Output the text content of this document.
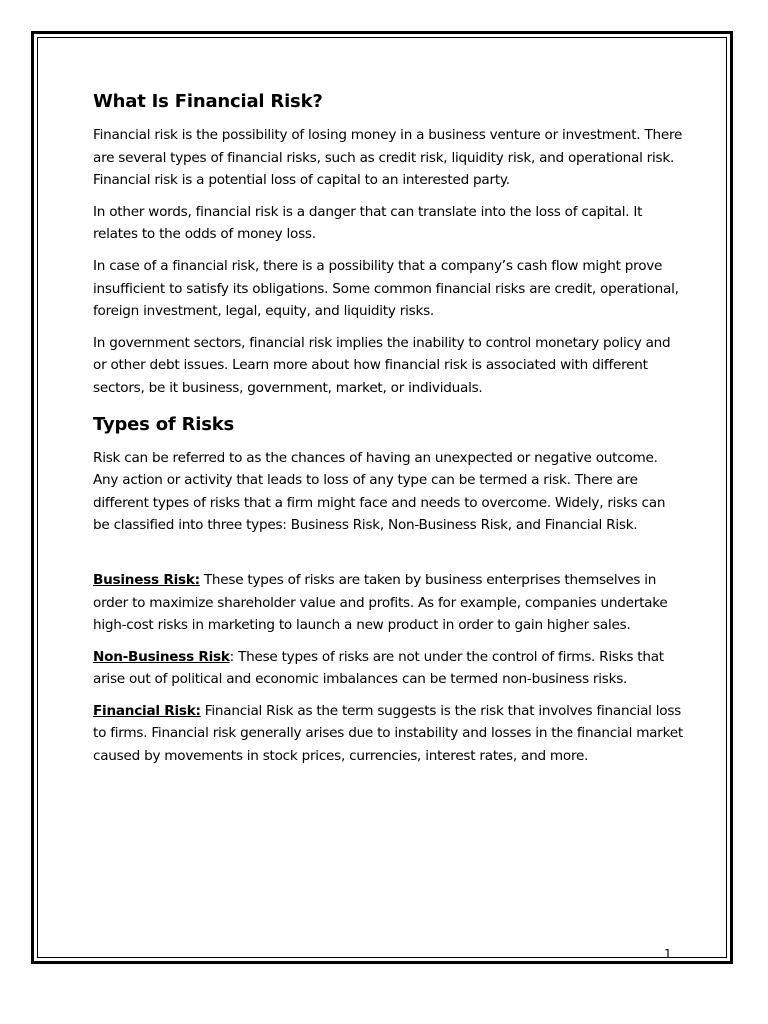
What Is Financial Risk?

Financial risk is the possibility of losing money in a business venture or investment. There are several types of financial risks, such as credit risk, liquidity risk, and operational risk. Financial risk is a potential loss of capital to an interested party.

In other words, financial risk is a danger that can translate into the loss of capital. It relates to the odds of money loss.

In case of a financial risk, there is a possibility that a company’s cash flow might prove insufficient to satisfy its obligations. Some common financial risks are credit, operational, foreign investment, legal, equity, and liquidity risks.

In government sectors, financial risk implies the inability to control monetary policy and or other debt issues. Learn more about how financial risk is associated with different sectors, be it business, government, market, or individuals.

Types of Risks

Risk can be referred to as the chances of having an unexpected or negative outcome. Any action or activity that leads to loss of any type can be termed a risk. There are different types of risks that a firm might face and needs to overcome. Widely, risks can be classified into three types: Business Risk, Non-Business Risk, and Financial Risk.

Business Risk: These types of risks are taken by business enterprises themselves in order to maximize shareholder value and profits. As for example, companies undertake high-cost risks in marketing to launch a new product in order to gain higher sales.

Non-Business Risk: These types of risks are not under the control of firms. Risks that arise out of political and economic imbalances can be termed non-business risks.

Financial Risk: Financial Risk as the term suggests is the risk that involves financial loss to firms. Financial risk generally arises due to instability and losses in the financial market caused by movements in stock prices, currencies, interest rates, and more.

1
